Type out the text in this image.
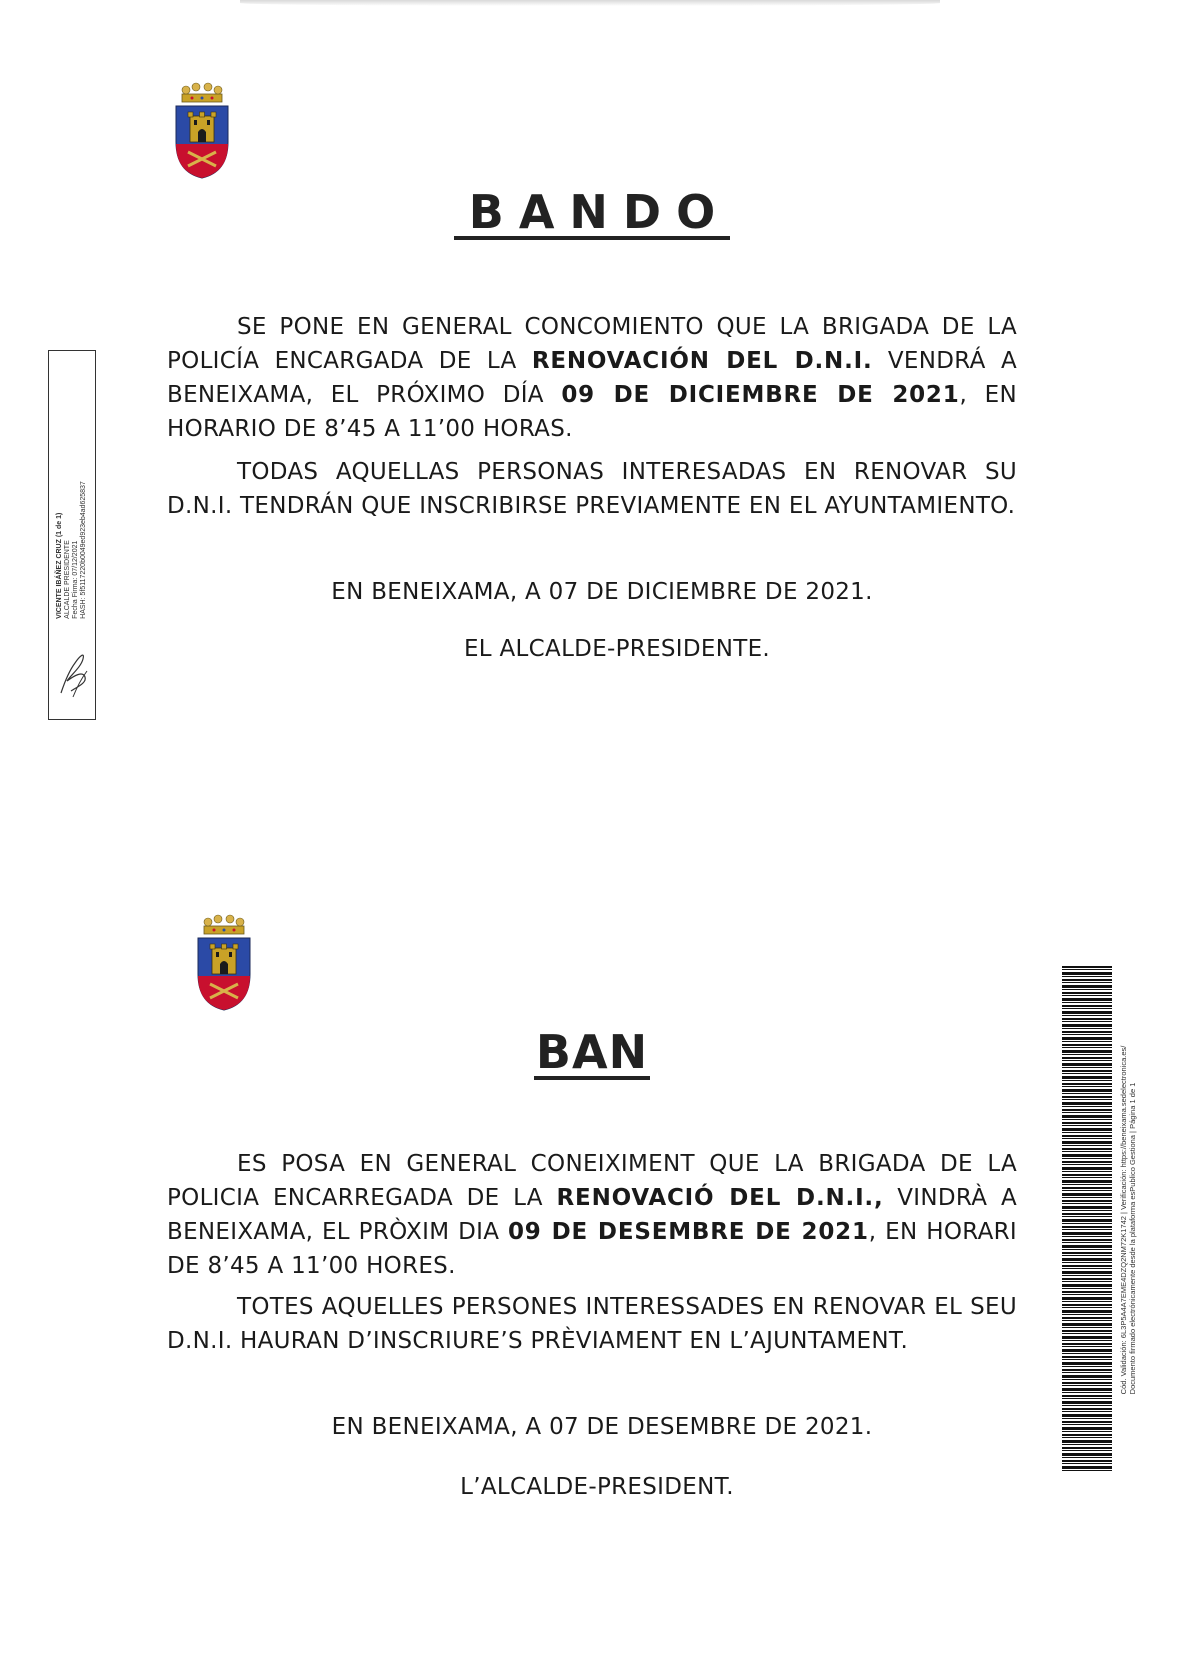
BANDO
SE PONE EN GENERAL CONCOMIENTO QUE LA BRIGADA DE LA POLICÍA ENCARGADA DE LA RENOVACIÓN DEL D.N.I. VENDRÁ A BENEIXAMA, EL PRÓXIMO DÍA 09 DE DICIEMBRE DE 2021, EN HORARIO DE 8’45 A 11’00 HORAS.
TODAS AQUELLAS PERSONAS INTERESADAS EN RENOVAR SU D.N.I. TENDRÁN QUE INSCRIBIRSE PREVIAMENTE EN EL AYUNTAMIENTO.
EN BENEIXAMA, A 07 DE DICIEMBRE DE 2021.
EL ALCALDE-PRESIDENTE.
VICENTE IBÁÑEZ CRUZ (1 de 1) ALCALDE PRESIDENTE Fecha Firma: 07/12/2021 HASH: 5f5117220b0049ed923eb4ad625837
BAN
ES POSA EN GENERAL CONEIXIMENT QUE LA BRIGADA DE LA POLICIA ENCARREGADA DE LA RENOVACIÓ DEL D.N.I., VINDRÀ A BENEIXAMA, EL PRÒXIM DIA 09 DE DESEMBRE DE 2021, EN HORARI DE 8’45 A 11’00 HORES.
TOTES AQUELLES PERSONES INTERESSADES EN RENOVAR EL SEU D.N.I. HAURAN D’INSCRIURE’S PRÈVIAMENT EN L’AJUNTAMENT.
EN BENEIXAMA, A 07 DE DESEMBRE DE 2021.
L’ALCALDE-PRESIDENT.
Cód. Validación: 6L3P5A4A7EME4DZQ2NM72K1742 | Verificación: https://beneixama.sedelectronica.es/ Documento firmado electrónicamente desde la plataforma esPublico Gestiona | Página 1 de 1
